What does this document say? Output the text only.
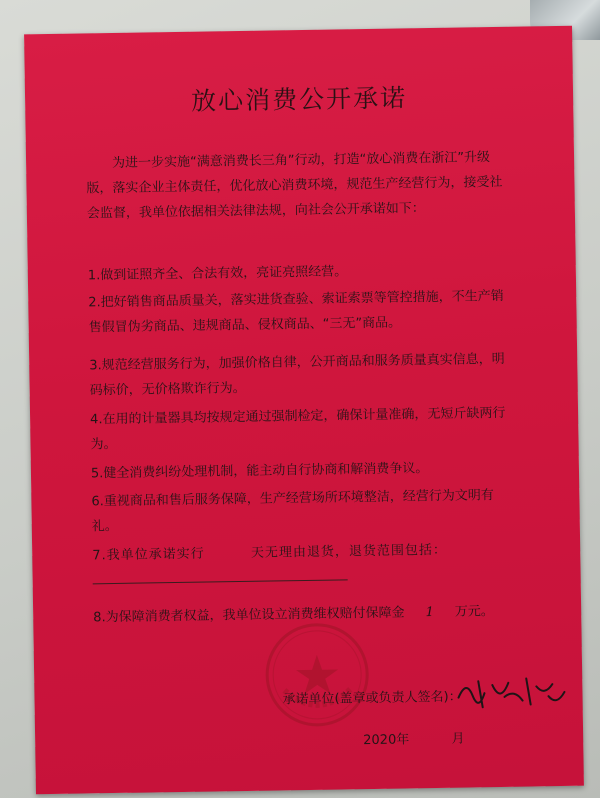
放心消费公开承诺

为进一步实施“满意消费长三角”行动，打造“放心消费在浙江”升级版，落实企业主体责任，优化放心消费环境，规范生产经营行为，接受社会监督，我单位依据相关法律法规，向社会公开承诺如下：

1.做到证照齐全、合法有效，亮证亮照经营。

2.把好销售商品质量关，落实进货查验、索证索票等管控措施，不生产销售假冒伪劣商品、违规商品、侵权商品、“三无”商品。

3.规范经营服务行为，加强价格自律，公开商品和服务质量真实信息，明码标价，无价格欺诈行为。

4.在用的计量器具均按规定通过强制检定，确保计量准确，无短斤缺两行为。

5.健全消费纠纷处理机制，能主动自行协商和解消费争议。

6.重视商品和售后服务保障，生产经营场所环境整洁，经营行为文明有礼。

7.我单位承诺实行	天无理由退货，退货范围包括：

8.为保障消费者权益，我单位设立消费维权赔付保障金 1 万元。

承诺单位(盖章或负责人签名)：
2020年	月
